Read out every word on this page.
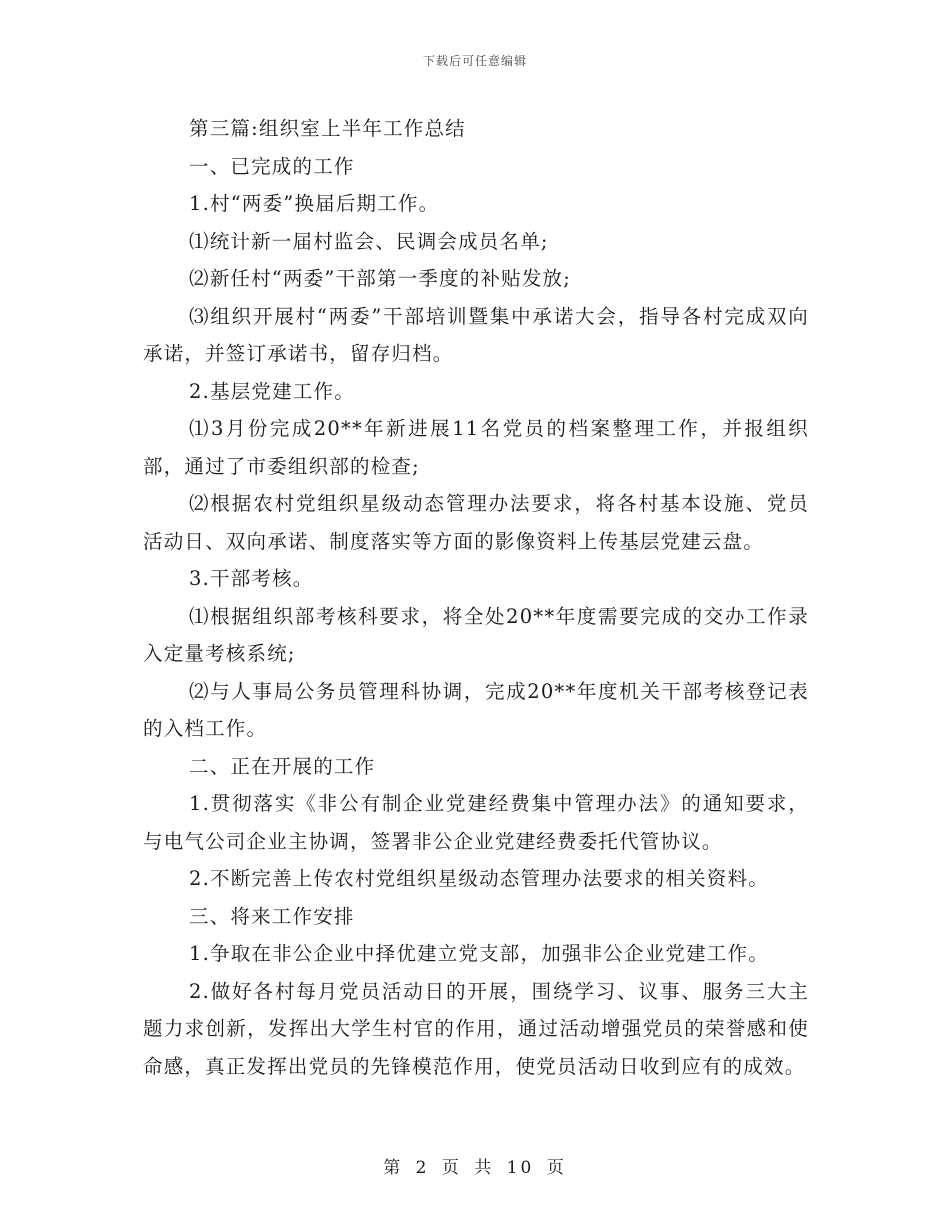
下载后可任意编辑

第三篇:组织室上半年工作总结

一、已完成的工作

1.村“两委”换届后期工作。

⑴统计新一届村监会、民调会成员名单;

⑵新任村“两委”干部第一季度的补贴发放;

⑶组织开展村“两委”干部培训暨集中承诺大会，指导各村完成双向承诺，并签订承诺书，留存归档。

2.基层党建工作。

⑴3月份完成20**年新进展11名党员的档案整理工作，并报组织部，通过了市委组织部的检查;

⑵根据农村党组织星级动态管理办法要求，将各村基本设施、党员活动日、双向承诺、制度落实等方面的影像资料上传基层党建云盘。

3.干部考核。

⑴根据组织部考核科要求，将全处20**年度需要完成的交办工作录入定量考核系统;

⑵与人事局公务员管理科协调，完成20**年度机关干部考核登记表的入档工作。

二、正在开展的工作

1.贯彻落实《非公有制企业党建经费集中管理办法》的通知要求，与电气公司企业主协调，签署非公企业党建经费委托代管协议。

2.不断完善上传农村党组织星级动态管理办法要求的相关资料。

三、将来工作安排

1.争取在非公企业中择优建立党支部，加强非公企业党建工作。

2.做好各村每月党员活动日的开展，围绕学习、议事、服务三大主题力求创新，发挥出大学生村官的作用，通过活动增强党员的荣誉感和使命感，真正发挥出党员的先锋模范作用，使党员活动日收到应有的成效。

第 2 页 共 10 页
